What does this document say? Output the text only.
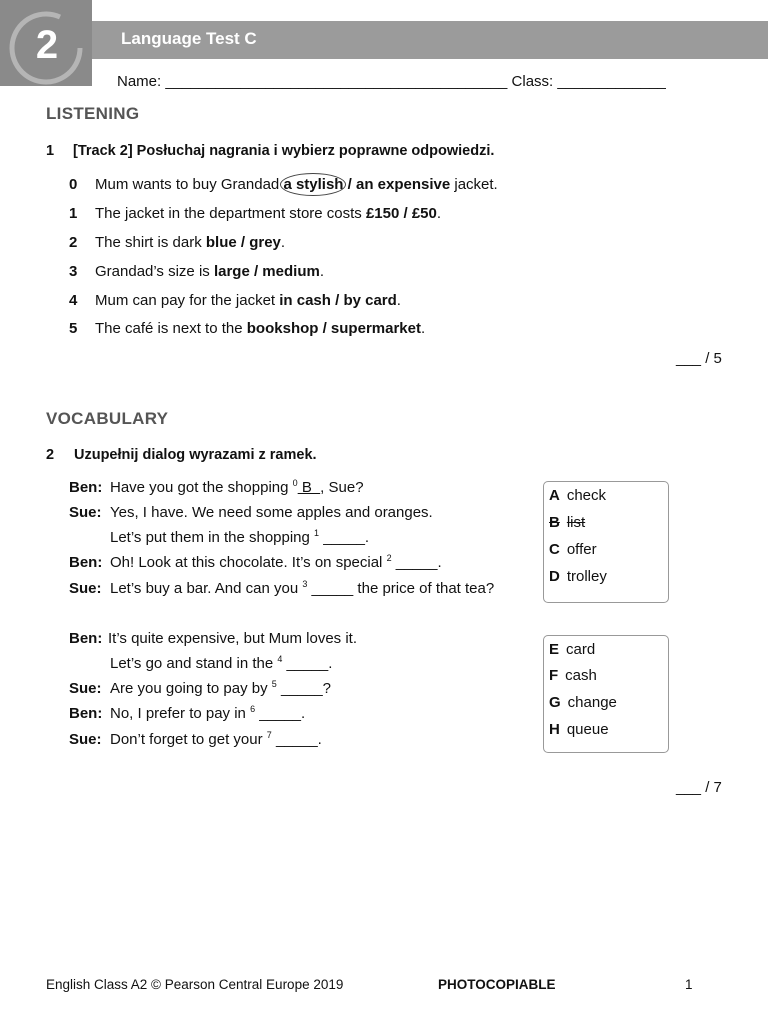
2	Language Test C
Name: _________________________________________ Class: _____________
LISTENING
1 [Track 2] Posłuchaj nagrania i wybierz poprawne odpowiedzi.
0 Mum wants to buy Grandad a stylish / an expensive jacket.
1 The jacket in the department store costs £150 / £50.
2 The shirt is dark blue / grey.
3 Grandad’s size is large / medium.
4 Mum can pay for the jacket in cash / by card.
5 The café is next to the bookshop / supermarket.
___ / 5
VOCABULARY
2 Uzupełnij dialog wyrazami z ramek.
Ben: Have you got the shopping $^0$ B  , Sue?
Sue: Yes, I have. We need some apples and oranges.
Let’s put them in the shopping $^1$ _____.
Ben: Oh! Look at this chocolate. It’s on special $^2$ _____.
Sue: Let’s buy a bar. And can you $^3$ _____ the price of that tea?
Ben: It’s quite expensive, but Mum loves it.
Let’s go and stand in the $^4$ _____.
Sue: Are you going to pay by $^5$ _____?
Ben: No, I prefer to pay in $^6$ _____.
Sue: Don’t forget to get your $^7$ _____.
A check
B list
C offer
D trolley
E card
F cash
G change
H queue
___ / 7
English Class A2 © Pearson Central Europe 2019	PHOTOCOPIABLE	1
